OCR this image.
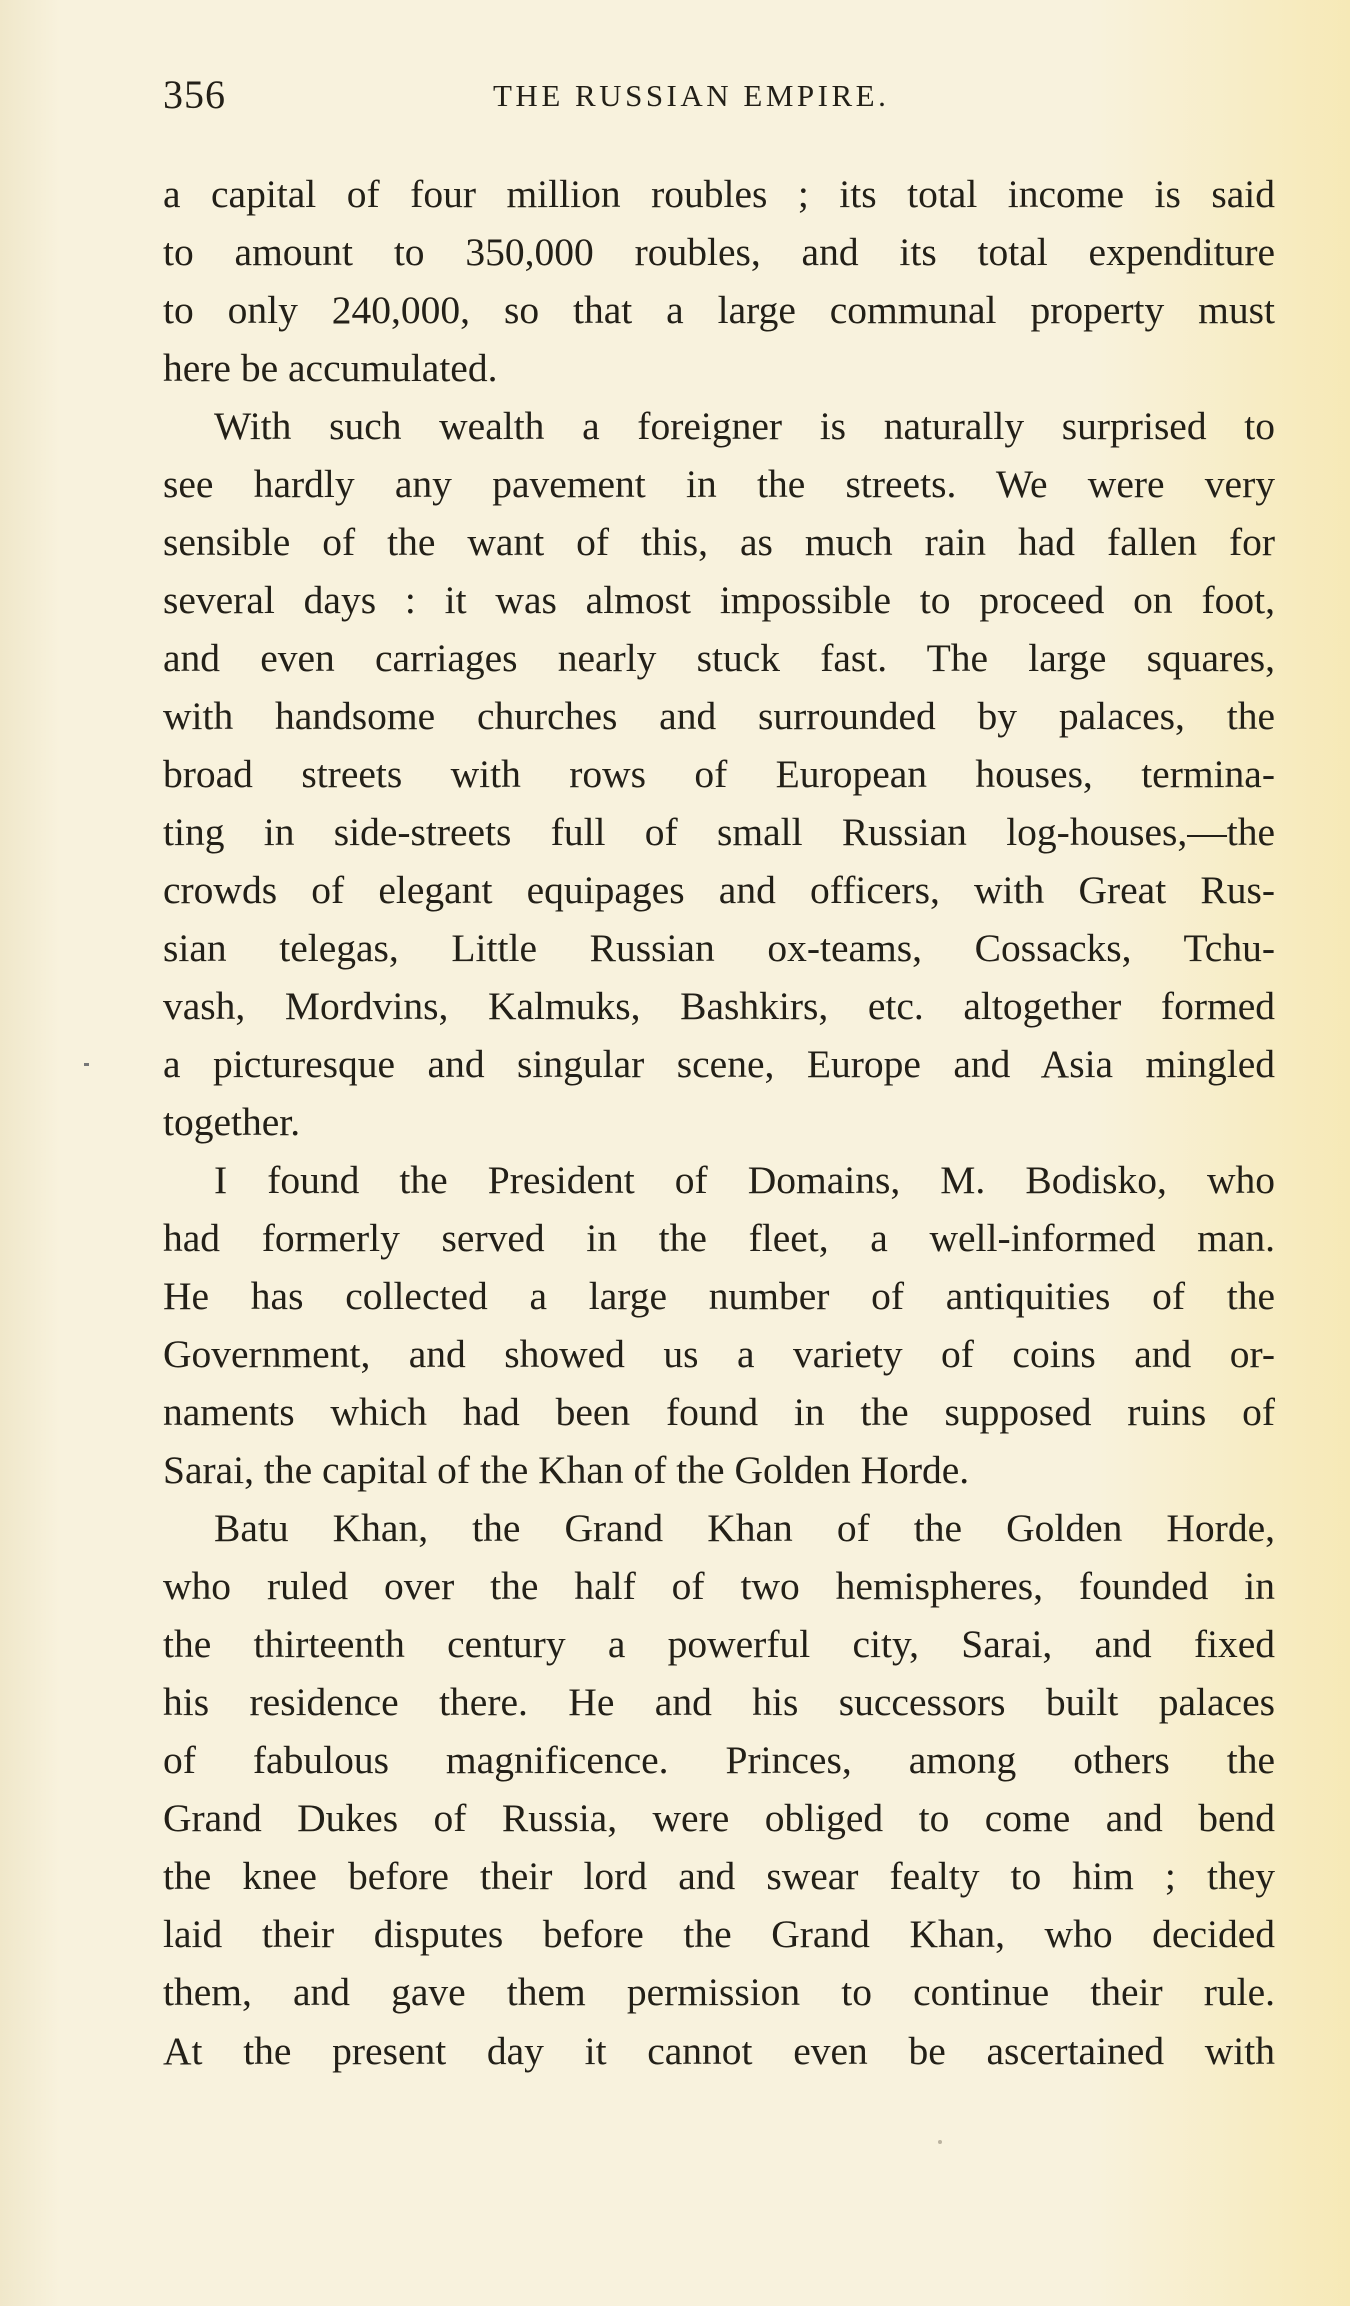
356	THE RUSSIAN EMPIRE.
a capital of four million roubles ; its total income is said
to amount to 350,000 roubles, and its total expenditure
to only 240,000, so that a large communal property must
here be accumulated.
With such wealth a foreigner is naturally surprised to
see hardly any pavement in the streets. We were very
sensible of the want of this, as much rain had fallen for
several days : it was almost impossible to proceed on foot,
and even carriages nearly stuck fast. The large squares,
with handsome churches and surrounded by palaces, the
broad streets with rows of European houses, termina-
ting in side-streets full of small Russian log-houses,—the
crowds of elegant equipages and officers, with Great Rus-
sian telegas, Little Russian ox-teams, Cossacks, Tchu-
vash, Mordvins, Kalmuks, Bashkirs, etc. altogether formed
a picturesque and singular scene, Europe and Asia mingled
together.
I found the President of Domains, M. Bodisko, who
had formerly served in the fleet, a well-informed man.
He has collected a large number of antiquities of the
Government, and showed us a variety of coins and or-
naments which had been found in the supposed ruins of
Sarai, the capital of the Khan of the Golden Horde.
Batu Khan, the Grand Khan of the Golden Horde,
who ruled over the half of two hemispheres, founded in
the thirteenth century a powerful city, Sarai, and fixed
his residence there. He and his successors built palaces
of fabulous magnificence. Princes, among others the
Grand Dukes of Russia, were obliged to come and bend
the knee before their lord and swear fealty to him ; they
laid their disputes before the Grand Khan, who decided
them, and gave them permission to continue their rule.
At the present day it cannot even be ascertained with
